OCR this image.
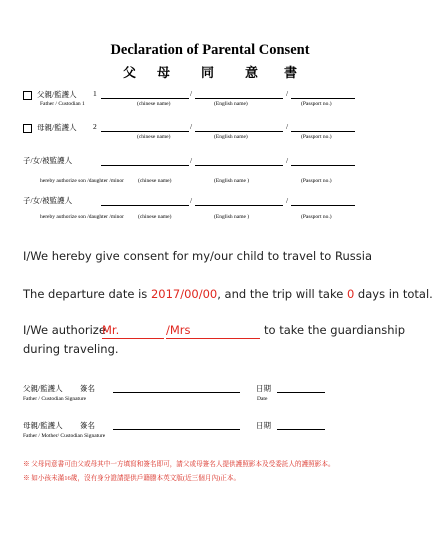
Declaration of Parental Consent
父 母 同 意 書
父親/監護人 1	/	/
Father / Custodian 1	(chinese name)	(English name)	(Passport no.)
母親/監護人 2	/	/
(chinese name)	(English name)	(Passport no.)
子/女/被監護人	/	/
hereby authorize son /daughter /minor	(chinese name)	(English name )	(Passport no.)
子/女/被監護人	/	/
hereby authorize son /daughter /minor	(chinese name)	(English name )	(Passport no.)
I/We hereby give consent for my/our child to travel to Russia
The departure date is 2017/00/00, and the trip will take 0 days in total.
I/We authorize
Mr.	/Mrs	to take the guardianship
during traveling.
父親/監護人 簽名	日期
Father / Custodian Signature	Date
母親/監護人 簽名	日期
Father / Mother/ Custodian Signature
※ 父母同意書可由父或母其中一方填寫和簽名即可，請父或母簽名人提供護照影本及受委託人的護照影本。
※ 如小孩未滿16歲，沒有身分證請提供戶籍謄本英文版(近三個月內)正本。
